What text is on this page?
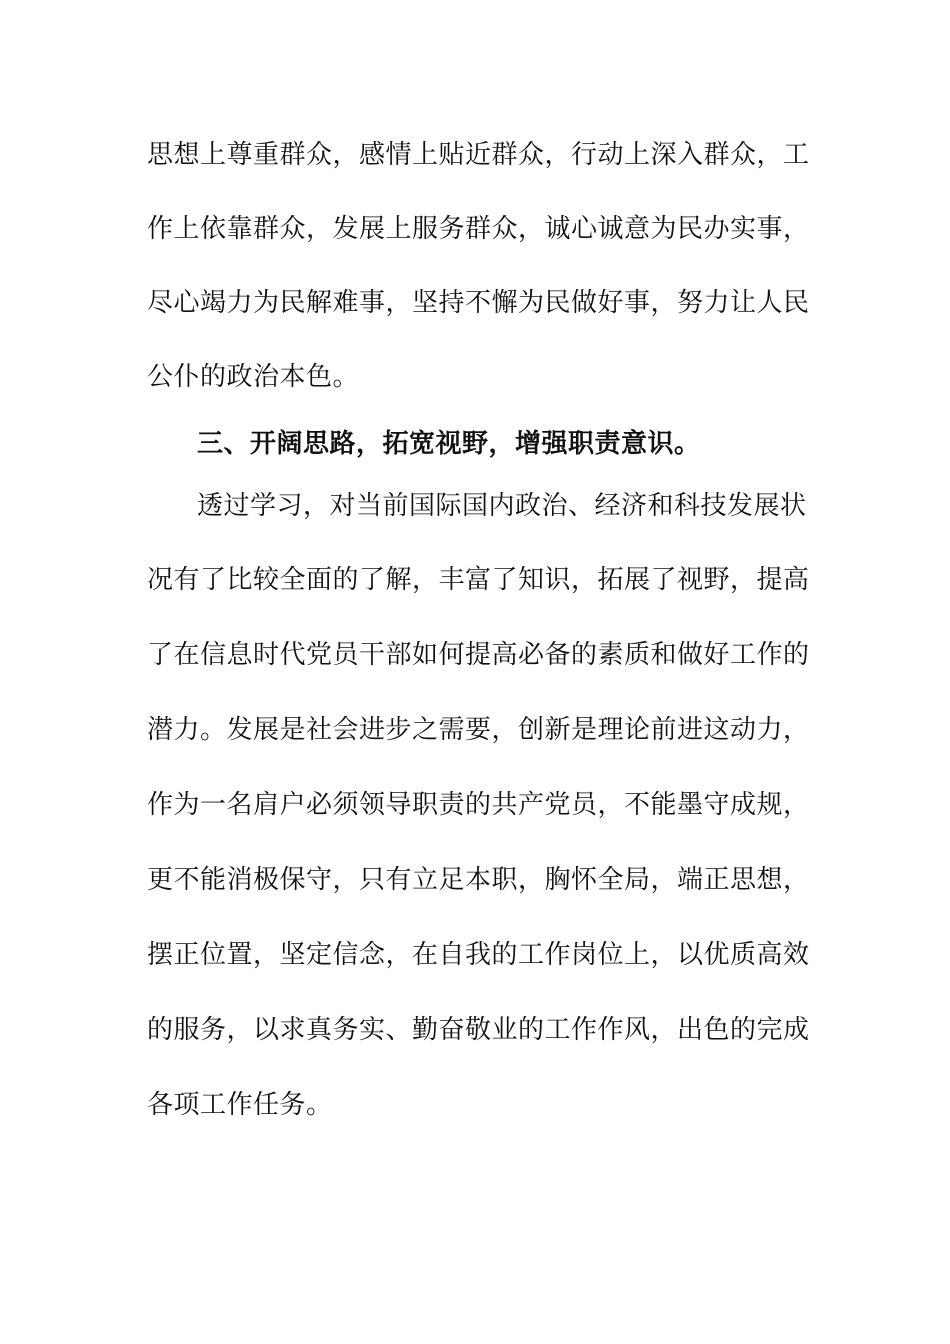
思想上尊重群众，感情上贴近群众，行动上深入群众，工
作上依靠群众，发展上服务群众，诚心诚意为民办实事，
尽心竭力为民解难事，坚持不懈为民做好事，努力让人民
公仆的政治本色。
三、开阔思路，拓宽视野，增强职责意识。
透过学习，对当前国际国内政治、经济和科技发展状
况有了比较全面的了解，丰富了知识，拓展了视野，提高
了在信息时代党员干部如何提高必备的素质和做好工作的
潜力。发展是社会进步之需要，创新是理论前进这动力，
作为一名肩户必须领导职责的共产党员，不能墨守成规，
更不能消极保守，只有立足本职，胸怀全局，端正思想，
摆正位置，坚定信念，在自我的工作岗位上，以优质高效
的服务，以求真务实、勤奋敬业的工作作风，出色的完成
各项工作任务。
